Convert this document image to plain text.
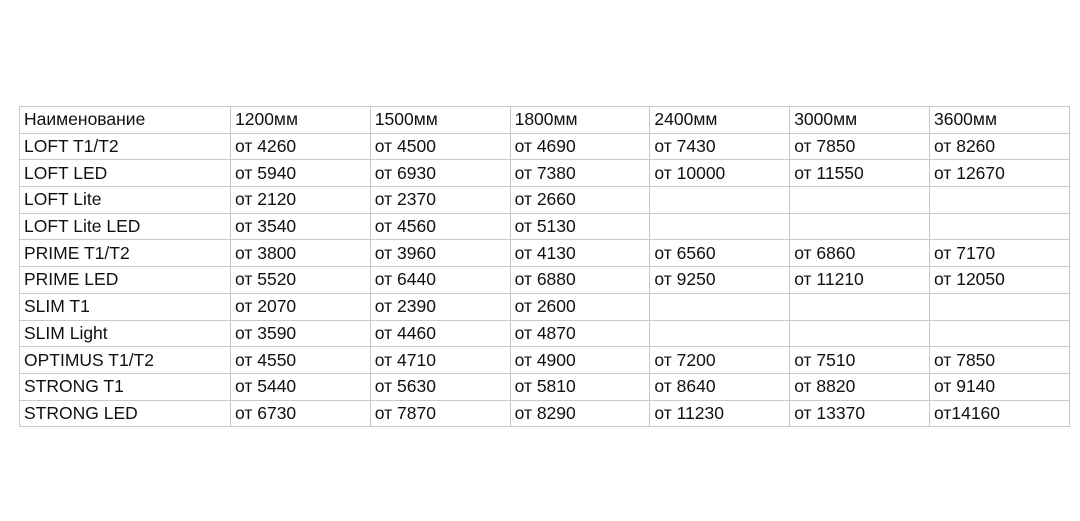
Наименование	1200мм	1500мм	1800мм	2400мм	3000мм	3600мм
LOFT T1/T2	от 4260	от 4500	от 4690	от 7430	от 7850	от 8260
LOFT LED	от 5940	от 6930	от 7380	от 10000	от 11550	от 12670
LOFT Lite	от 2120	от 2370	от 2660			
LOFT Lite LED	от 3540	от 4560	от 5130			
PRIME T1/T2	от 3800	от 3960	от 4130	от 6560	от 6860	от 7170
PRIME LED	от 5520	от 6440	от 6880	от 9250	от 11210	от 12050
SLIM T1	от 2070	от 2390	от 2600			
SLIM Light	от 3590	от 4460	от 4870			
OPTIMUS T1/T2	от 4550	от 4710	от 4900	от 7200	от 7510	от 7850
STRONG T1	от 5440	от 5630	от 5810	от 8640	от 8820	от 9140
STRONG LED	от 6730	от 7870	от 8290	от 11230	от 13370	от14160
